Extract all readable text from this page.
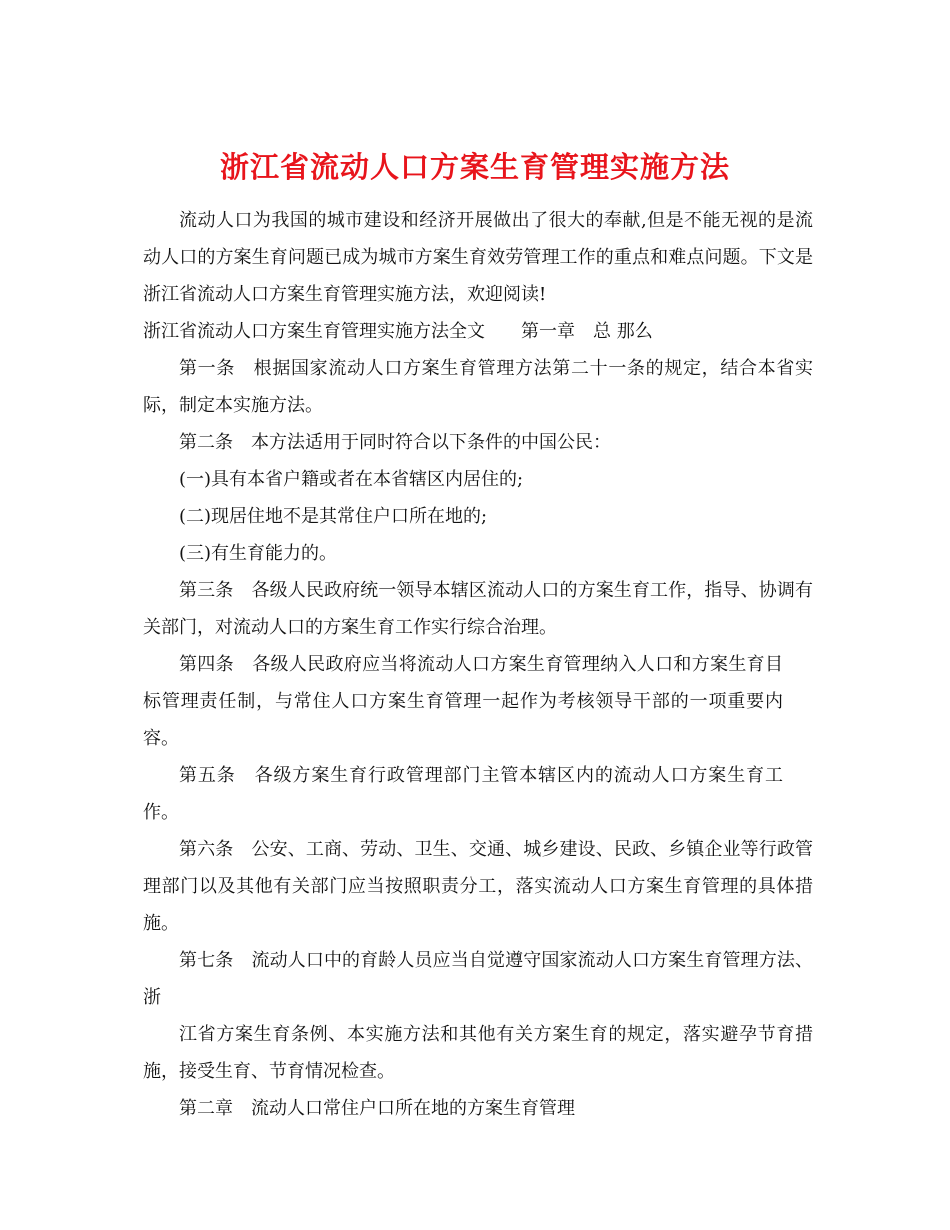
浙江省流动人口方案生育管理实施方法

流动人口为我国的城市建设和经济开展做出了很大的奉献,但是不能无视的是流动人口的方案生育问题已成为城市方案生育效劳管理工作的重点和难点问题。下文是浙江省流动人口方案生育管理实施方法，欢迎阅读!

浙江省流动人口方案生育管理实施方法全文　　第一章　总 那么

第一条　根据国家流动人口方案生育管理方法第二十一条的规定，结合本省实际，制定本实施方法。

第二条　本方法适用于同时符合以下条件的中国公民：

(一)具有本省户籍或者在本省辖区内居住的;

(二)现居住地不是其常住户口所在地的;

(三)有生育能力的。

第三条　各级人民政府统一领导本辖区流动人口的方案生育工作，指导、协调有关部门，对流动人口的方案生育工作实行综合治理。

第四条　各级人民政府应当将流动人口方案生育管理纳入人口和方案生育目标管理责任制，与常住人口方案生育管理一起作为考核领导干部的一项重要内容。

第五条　各级方案生育行政管理部门主管本辖区内的流动人口方案生育工作。

第六条　公安、工商、劳动、卫生、交通、城乡建设、民政、乡镇企业等行政管理部门以及其他有关部门应当按照职责分工，落实流动人口方案生育管理的具体措施。

第七条　流动人口中的育龄人员应当自觉遵守国家流动人口方案生育管理方法、浙

江省方案生育条例、本实施方法和其他有关方案生育的规定，落实避孕节育措施，接受生育、节育情况检查。

第二章　流动人口常住户口所在地的方案生育管理
